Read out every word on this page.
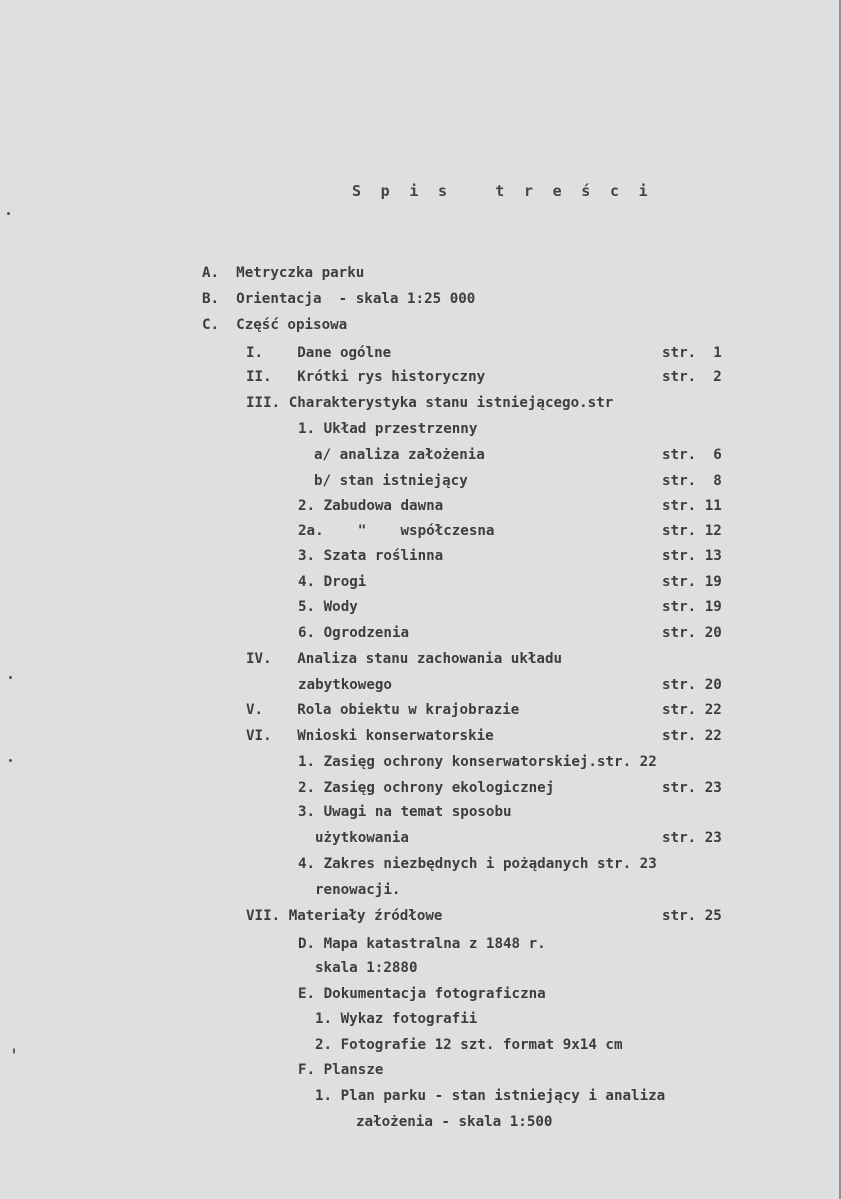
S p i s   t r e ś c i
A.  Metryczka parku
B.  Orientacja  - skala 1:25 000
C.  Część opisowa
I.    Dane ogólne	str.  1
II.   Krótki rys historyczny	str.  2
III. Charakterystyka stanu istniejącego.str
1. Układ przestrzenny
a/ analiza założenia	str.  6
b/ stan istniejący	str.  8
2. Zabudowa dawna	str. 11
2a.    "    współczesna	str. 12
3. Szata roślinna	str. 13
4. Drogi	str. 19
5. Wody	str. 19
6. Ogrodzenia	str. 20
IV.   Analiza stanu zachowania układu
zabytkowego	str. 20
V.    Rola obiektu w krajobrazie	str. 22
VI.   Wnioski konserwatorskie	str. 22
1. Zasięg ochrony konserwatorskiej.str. 22
2. Zasięg ochrony ekologicznej	str. 23
3. Uwagi na temat sposobu
użytkowania	str. 23
4. Zakres niezbędnych i pożądanych str. 23
renowacji.
VII. Materiały źródłowe	str. 25
D. Mapa katastralna z 1848 r.
skala 1:2880
E. Dokumentacja fotograficzna
1. Wykaz fotografii
2. Fotografie 12 szt. format 9x14 cm
F. Plansze
1. Plan parku - stan istniejący i analiza
założenia - skala 1:500
